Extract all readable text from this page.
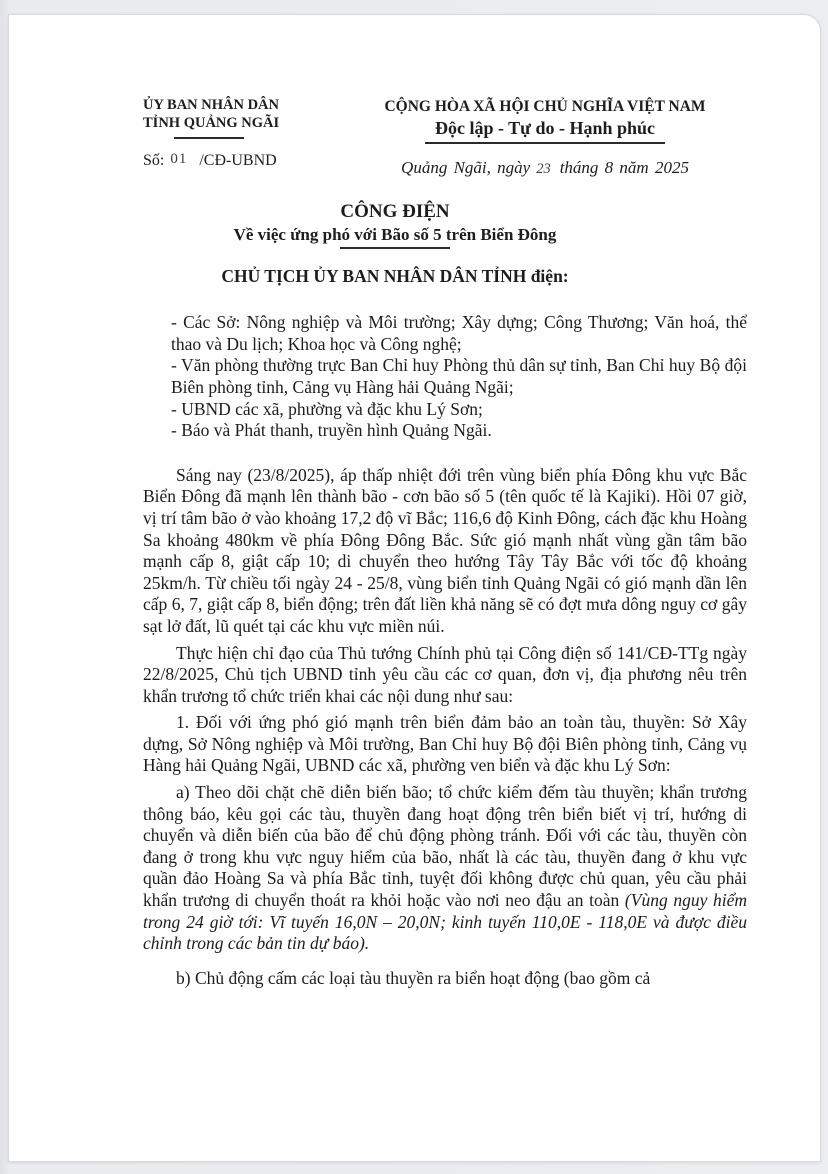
ỦY BAN NHÂN DÂN
TỈNH QUẢNG NGÃI
Số: 01 /CĐ-UBND
CỘNG HÒA XÃ HỘI CHỦ NGHĨA VIỆT NAM
Độc lập - Tự do - Hạnh phúc
Quảng Ngãi, ngày 23 tháng 8 năm 2025
CÔNG ĐIỆN
Về việc ứng phó với Bão số 5 trên Biển Đông
CHỦ TỊCH ỦY BAN NHÂN DÂN TỈNH điện:

- Các Sở: Nông nghiệp và Môi trường; Xây dựng; Công Thương; Văn hoá, thể thao và Du lịch; Khoa học và Công nghệ;

- Văn phòng thường trực Ban Chỉ huy Phòng thủ dân sự tỉnh, Ban Chỉ huy Bộ đội Biên phòng tỉnh, Cảng vụ Hàng hải Quảng Ngãi;

- UBND các xã, phường và đặc khu Lý Sơn;

- Báo và Phát thanh, truyền hình Quảng Ngãi.

Sáng nay (23/8/2025), áp thấp nhiệt đới trên vùng biển phía Đông khu vực Bắc Biển Đông đã mạnh lên thành bão - cơn bão số 5 (tên quốc tế là Kajiki). Hồi 07 giờ, vị trí tâm bão ở vào khoảng 17,2 độ vĩ Bắc; 116,6 độ Kinh Đông, cách đặc khu Hoàng Sa khoảng 480km về phía Đông Đông Bắc. Sức gió mạnh nhất vùng gần tâm bão mạnh cấp 8, giật cấp 10; di chuyển theo hướng Tây Tây Bắc với tốc độ khoảng 25km/h. Từ chiều tối ngày 24 - 25/8, vùng biển tỉnh Quảng Ngãi có gió mạnh dần lên cấp 6, 7, giật cấp 8, biển động; trên đất liền khả năng sẽ có đợt mưa dông nguy cơ gây sạt lở đất, lũ quét tại các khu vực miền núi.

Thực hiện chỉ đạo của Thủ tướng Chính phủ tại Công điện số 141/CĐ-TTg ngày 22/8/2025, Chủ tịch UBND tỉnh yêu cầu các cơ quan, đơn vị, địa phương nêu trên khẩn trương tổ chức triển khai các nội dung như sau:

1. Đối với ứng phó gió mạnh trên biển đảm bảo an toàn tàu, thuyền: Sở Xây dựng, Sở Nông nghiệp và Môi trường, Ban Chỉ huy Bộ đội Biên phòng tỉnh, Cảng vụ Hàng hải Quảng Ngãi, UBND các xã, phường ven biển và đặc khu Lý Sơn:

a) Theo dõi chặt chẽ diễn biến bão; tổ chức kiểm đếm tàu thuyền; khẩn trương thông báo, kêu gọi các tàu, thuyền đang hoạt động trên biển biết vị trí, hướng di chuyển và diễn biến của bão để chủ động phòng tránh. Đối với các tàu, thuyền còn đang ở trong khu vực nguy hiểm của bão, nhất là các tàu, thuyền đang ở khu vực quần đảo Hoàng Sa và phía Bắc tỉnh, tuyệt đối không được chủ quan, yêu cầu phải khẩn trương di chuyển thoát ra khỏi hoặc vào nơi neo đậu an toàn (Vùng nguy hiểm trong 24 giờ tới: Vĩ tuyến 16,0N – 20,0N; kinh tuyến 110,0E - 118,0E và được điều chỉnh trong các bản tin dự báo).

b) Chủ động cấm các loại tàu thuyền ra biển hoạt động (bao gồm cả
